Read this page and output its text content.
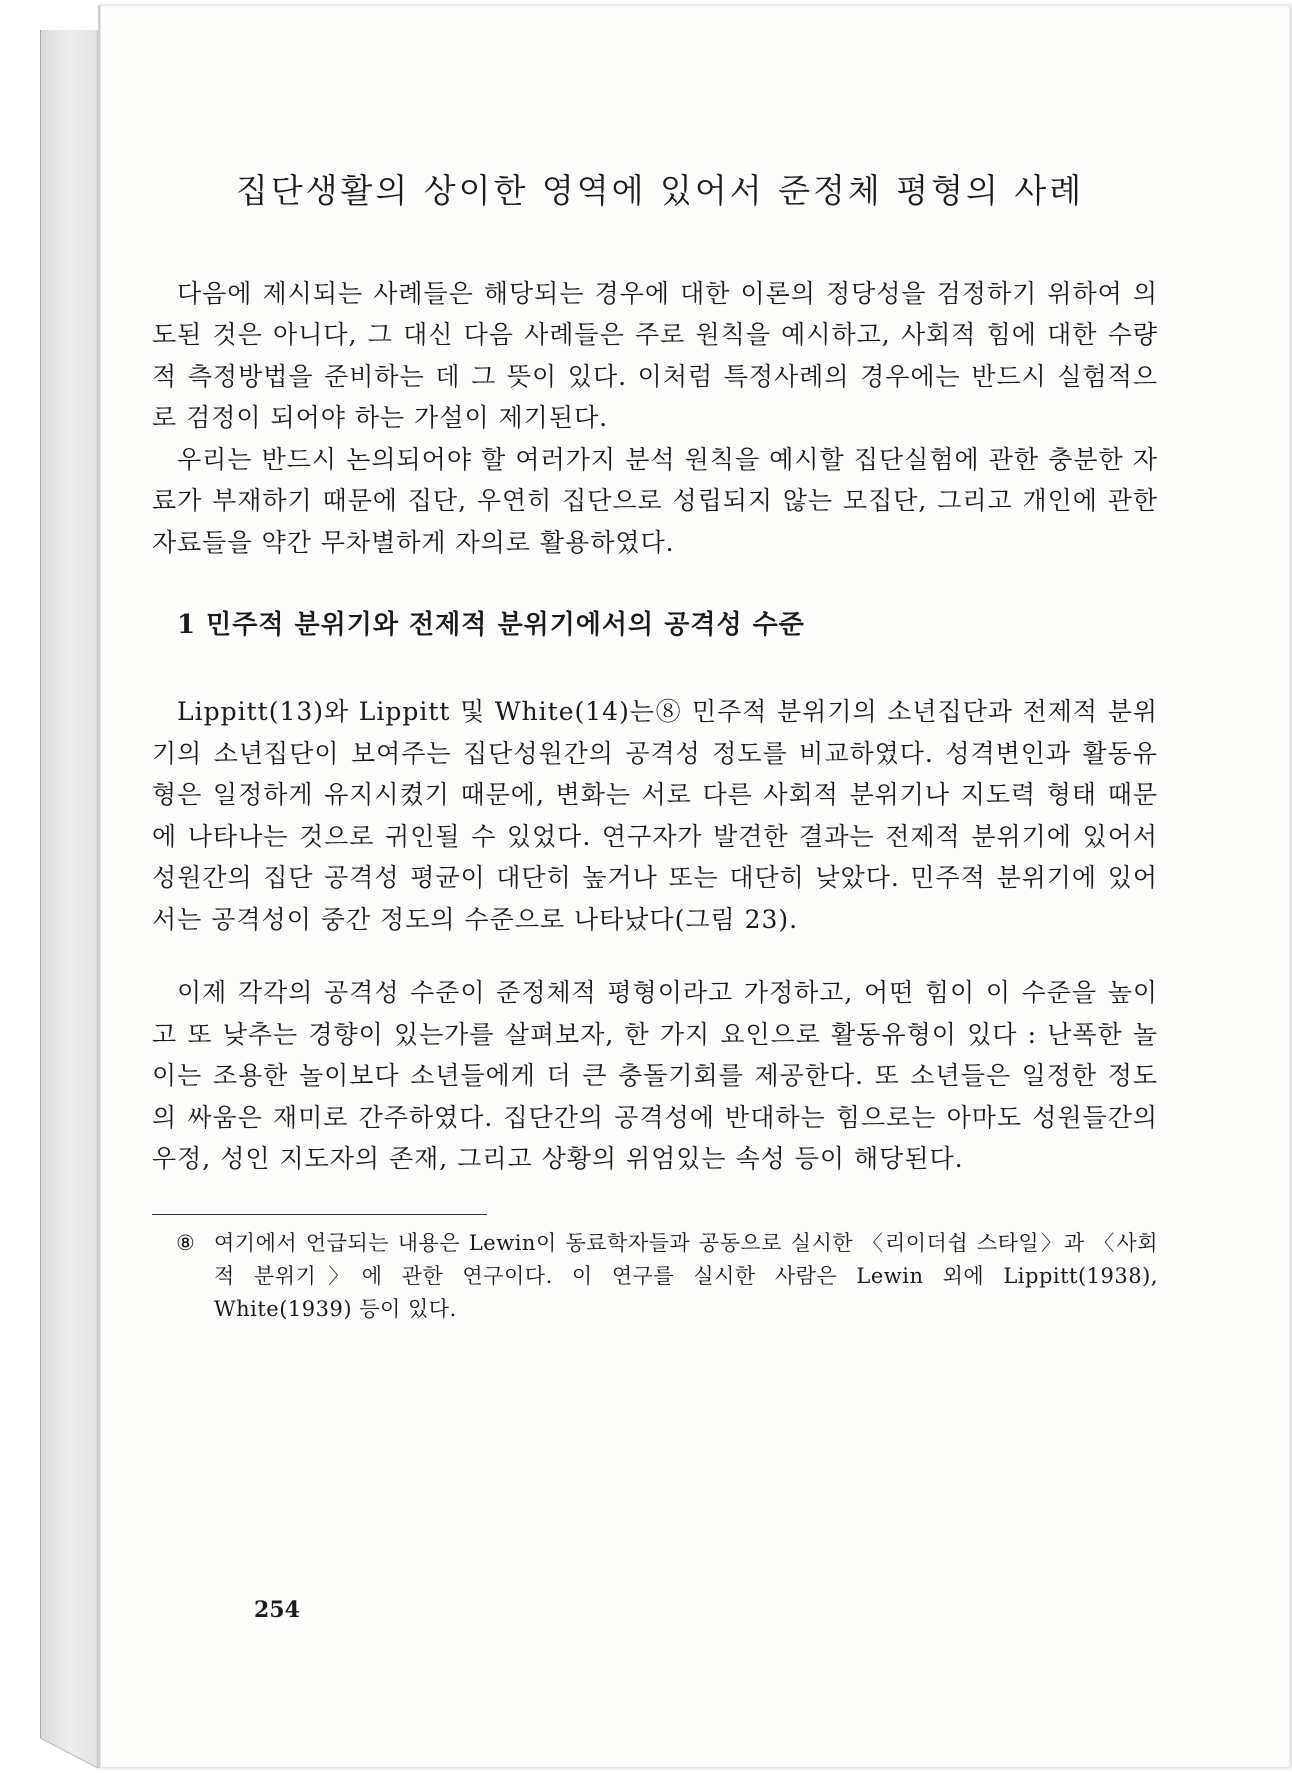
집단생활의 상이한 영역에 있어서 준정체 평형의 사례

다음에 제시되는 사례들은 해당되는 경우에 대한 이론의 정당성을 검정하기 위하여 의도된 것은 아니다, 그 대신 다음 사례들은 주로 원칙을 예시하고, 사회적 힘에 대한 수량적 측정방법을 준비하는 데 그 뜻이 있다. 이처럼 특정사례의 경우에는 반드시 실험적으로 검정이 되어야 하는 가설이 제기된다.

우리는 반드시 논의되어야 할 여러가지 분석 원칙을 예시할 집단실험에 관한 충분한 자료가 부재하기 때문에 집단, 우연히 집단으로 성립되지 않는 모집단, 그리고 개인에 관한 자료들을 약간 무차별하게 자의로 활용하였다.

1 민주적 분위기와 전제적 분위기에서의 공격성 수준

Lippitt(13)와 Lippitt 및 White(14)는⑧ 민주적 분위기의 소년집단과 전제적 분위기의 소년집단이 보여주는 집단성원간의 공격성 정도를 비교하였다. 성격변인과 활동유형은 일정하게 유지시켰기 때문에, 변화는 서로 다른 사회적 분위기나 지도력 형태 때문에 나타나는 것으로 귀인될 수 있었다. 연구자가 발견한 결과는 전제적 분위기에 있어서 성원간의 집단 공격성 평균이 대단히 높거나 또는 대단히 낮았다. 민주적 분위기에 있어서는 공격성이 중간 정도의 수준으로 나타났다(그림 23).

이제 각각의 공격성 수준이 준정체적 평형이라고 가정하고, 어떤 힘이 이 수준을 높이고 또 낮추는 경향이 있는가를 살펴보자, 한 가지 요인으로 활동유형이 있다 : 난폭한 놀이는 조용한 놀이보다 소년들에게 더 큰 충돌기회를 제공한다. 또 소년들은 일정한 정도의 싸움은 재미로 간주하였다. 집단간의 공격성에 반대하는 힘으로는 아마도 성원들간의 우정, 성인 지도자의 존재, 그리고 상황의 위엄있는 속성 등이 해당된다.

⑧ 여기에서 언급되는 내용은 Lewin이 동료학자들과 공동으로 실시한 〈리이더쉽 스타일〉과 〈사회적 분위기〉에 관한 연구이다. 이 연구를 실시한 사람은 Lewin 외에 Lippitt(1938), White(1939) 등이 있다.
254
